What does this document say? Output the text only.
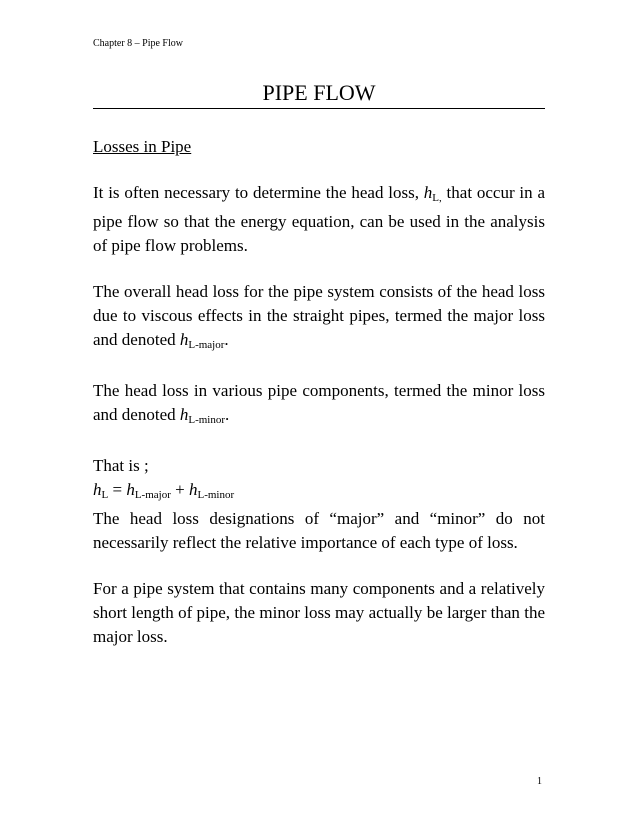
Chapter 8 – Pipe Flow
PIPE FLOW

Losses in Pipe

It is often necessary to determine the head loss, $h_{L,}$ that occur in a pipe flow so that the energy equation, can be used in the analysis of pipe flow problems.

The overall head loss for the pipe system consists of the head loss due to viscous effects in the straight pipes, termed the major loss and denoted $h_{L-major}$.

The head loss in various pipe components, termed the minor loss and denoted $h_{L-minor}$.

That is ;

$h_L = h_{L-major} + h_{L-minor}$

The head loss designations of “major” and “minor” do not necessarily reflect the relative importance of each type of loss.

For a pipe system that contains many components and a relatively short length of pipe, the minor loss may actually be larger than the major loss.

1
